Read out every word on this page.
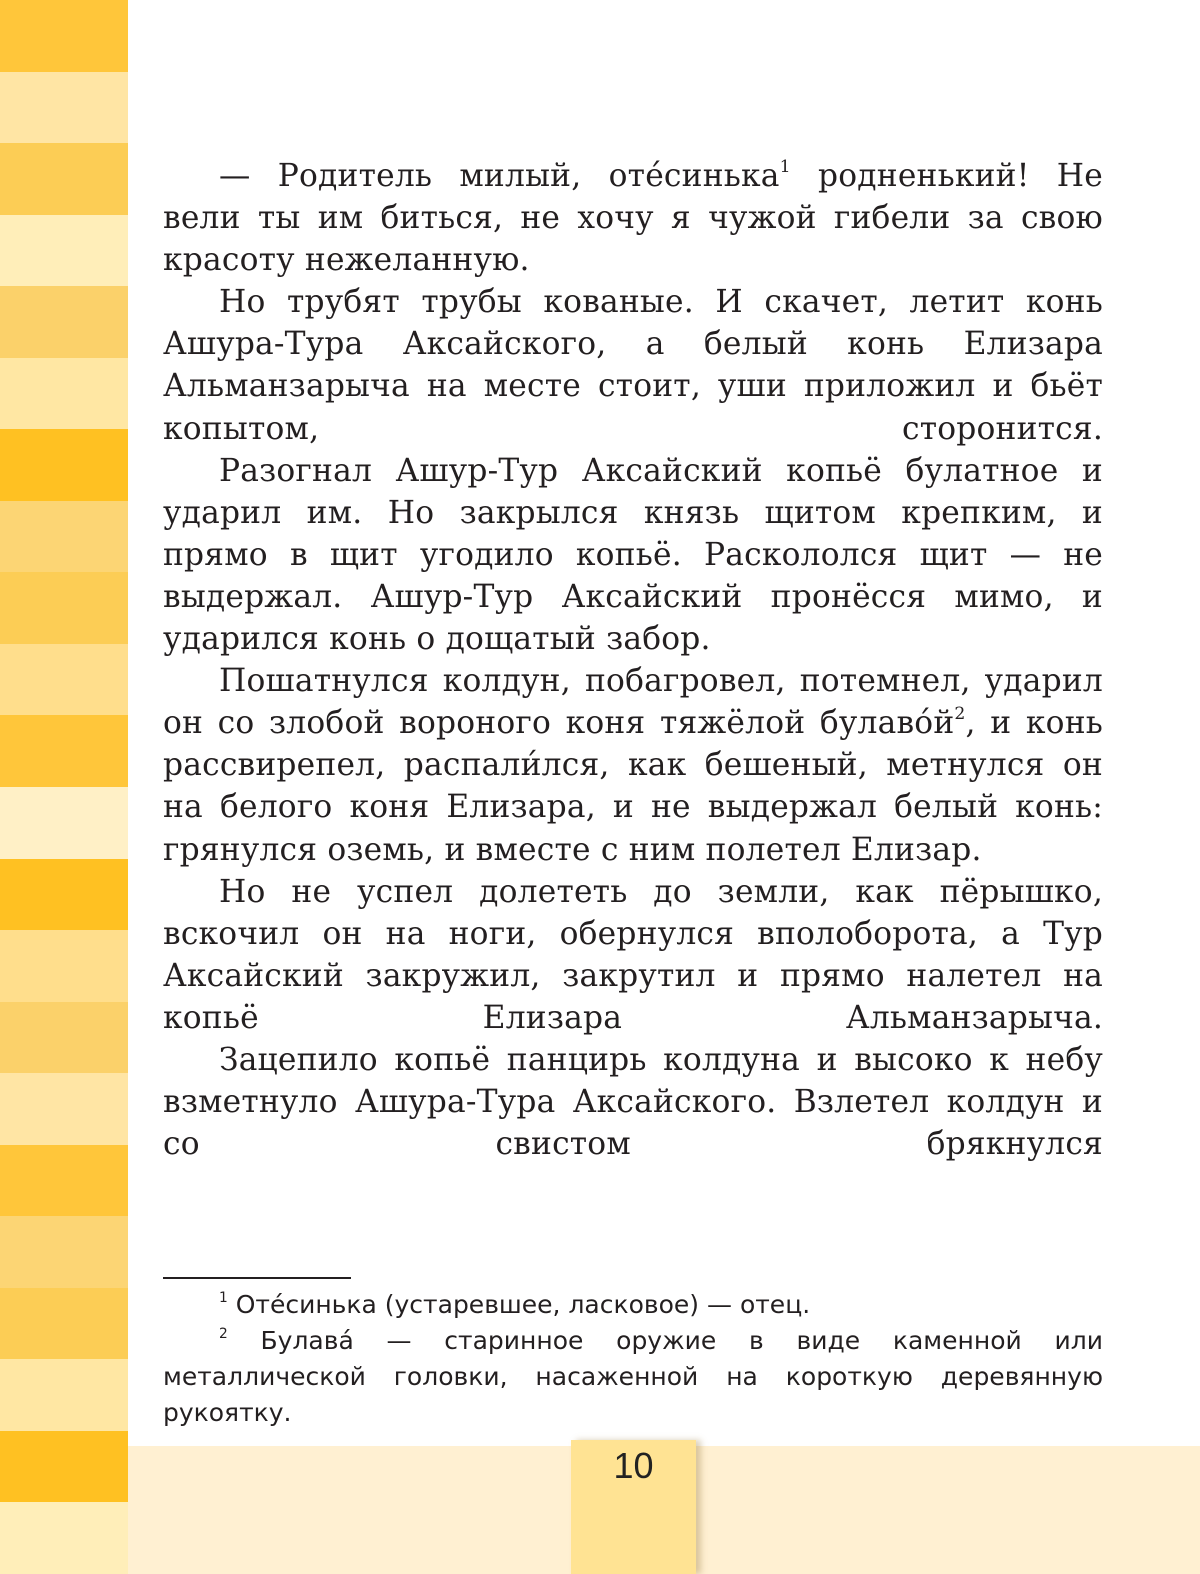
10

— Родитель милый, отéсинька$^1$ родненький! Не вели ты им биться, не хочу я чужой гибели за свою красоту нежеланную.

Но трубят трубы кованые. И скачет, летит конь Ашура-Тура Аксайского, а белый конь Елизара Альманзарыча на месте стоит, уши приложил и бьёт копытом, сторонится.

Разогнал Ашур-Тур Аксайский копьё булатное и ударил им. Но закрылся князь щитом крепким, и прямо в щит угодило копьё. Раскололся щит — не выдержал. Ашур-Тур Аксайский пронёсся мимо, и ударился конь о дощатый забор.

Пошатнулся колдун, побагровел, потемнел, ударил он со злобой вороного коня тяжёлой булавóй$^2$, и конь рассвирепел, распали́лся, как бешеный, метнулся он на белого коня Елизара, и не выдержал белый конь: грянулся оземь, и вместе с ним полетел Елизар.

Но не успел долететь до земли, как пёрышко, вскочил он на ноги, обернулся вполоборота, а Тур Аксайский закружил, закрутил и прямо налетел на копьё Елизара Альманзарыча.

Зацепило копьё панцирь колдуна и высоко к небу взметнуло Ашура-Тура Аксайского. Взлетел колдун и со свистом брякнулся

$^1$ Отéсинька (устаревшее, ласковое) — отец.

$^2$ Булавá — старинное оружие в виде каменной или металлической головки, насаженной на короткую деревянную рукоятку.
